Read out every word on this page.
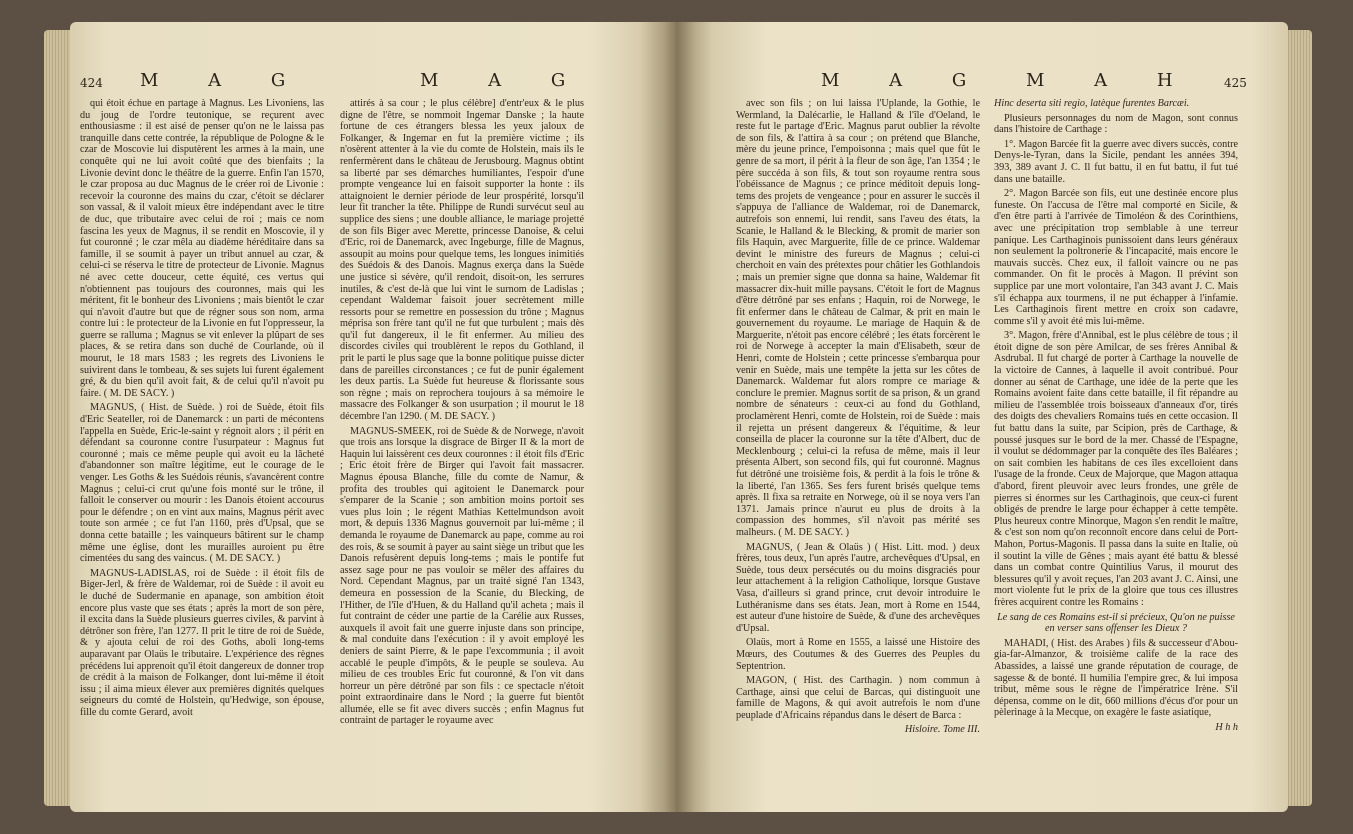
424 M A G	M A G

qui étoit échue en partage à Magnus. Les Livoniens, las du joug de l'ordre teutonique, se reçurent avec enthousiasme : il est aisé de penser qu'on ne le laissa pas tranquille dans cette contrée, la république de Pologne & le czar de Moscovie lui disputèrent les armes à la main, une conquête qui ne lui avoit coûté que des bienfaits ; la Livonie devint donc le théâtre de la guerre. Enfin l'an 1570, le czar proposa au duc Magnus de le créer roi de Livonie : recevoir la couronne des mains du czar, c'étoit se déclarer son vassal, & il valoit mieux être indépendant avec le titre de duc, que tributaire avec celui de roi ; mais ce nom fascina les yeux de Magnus, il se rendit en Moscovie, il y fut couronné ; le czar mêla au diadème héréditaire dans sa famille, il se soumit à payer un tribut annuel au czar, & celui-ci se réserva le titre de protecteur de Livonie. Magnus né avec cette douceur, cette équité, ces vertus qui n'obtiennent pas toujours des couronnes, mais qui les méritent, fit le bonheur des Livoniens ; mais bientôt le czar qui n'avoit d'autre but que de régner sous son nom, arma contre lui : le protecteur de la Livonie en fut l'oppresseur, la guerre se ralluma ; Magnus se vit enlever la plûpart de ses places, & se retira dans son duché de Courlande, où il mourut, le 18 mars 1583 ; les regrets des Livoniens le suivirent dans le tombeau, & ses sujets lui furent également gré, & du bien qu'il avoit fait, & de celui qu'il n'avoit pu faire. ( M. DE SACY. )

MAGNUS, ( Hist. de Suède. ) roi de Suède, étoit fils d'Eric Seateller, roi de Danemarck : un parti de mécontens l'appella en Suède, Eric-le-saint y régnoit alors ; il périt en défendant sa couronne contre l'usurpateur : Magnus fut couronné ; mais ce même peuple qui avoit eu la lâcheté d'abandonner son maître légitime, eut le courage de le venger. Les Goths & les Suédois réunis, s'avancèrent contre Magnus ; celui-ci crut qu'une fois monté sur le trône, il falloit le conserver ou mourir : les Danois étoient accourus pour le défendre ; on en vint aux mains, Magnus périt avec toute son armée ; ce fut l'an 1160, près d'Upsal, que se donna cette bataille ; les vainqueurs bâtirent sur le champ même une église, dont les murailles auroient pu être cimentées du sang des vaincus. ( M. DE SACY. )

MAGNUS-LADISLAS, roi de Suède : il étoit fils de Biger-Jerl, & frère de Waldemar, roi de Suède : il avoit eu le duché de Sudermanie en apanage, son ambition étoit encore plus vaste que ses états ; après la mort de son père, il excita dans la Suède plusieurs guerres civiles, & parvint à détrôner son frère, l'an 1277. Il prit le titre de roi de Suède, & y ajouta celui de roi des Goths, aboli long-tems auparavant par Olaüs le tributaire. L'expérience des règnes précédens lui apprenoit qu'il étoit dangereux de donner trop de crédit à la maison de Folkanger, dont lui-même il étoit issu ; il aima mieux élever aux premières dignités quelques seigneurs du comté de Holstein, qu'Hedwige, son épouse, fille du comte Gerard, avoit

attirés à sa cour ; le plus célèbre] d'entr'eux & le plus digne de l'être, se nommoit Ingemar Danske ; la haute fortune de ces étrangers blessa les yeux jaloux de Folkanger, & Ingemar en fut la première victime ; ils n'osèrent attenter à la vie du comte de Holstein, mais ils le renfermèrent dans le château de Jerusbourg. Magnus obtint sa liberté par ses démarches humiliantes, l'espoir d'une prompte vengeance lui en faisoit supporter la honte : ils attaignoient le dernier période de leur prospérité, lorsqu'il leur fit trancher la tête. Philippe de Rundi survécut seul au supplice des siens ; une double alliance, le mariage projetté de son fils Biger avec Merette, princesse Danoise, & celui d'Eric, roi de Danemarck, avec Ingeburge, fille de Magnus, assoupit au moins pour quelque tems, les longues inimitiés des Suédois & des Danois. Magnus exerça dans la Suède une justice si sévère, qu'il rendoit, disoit-on, les serrures inutiles, & c'est de-là que lui vint le surnom de Ladislas ; cependant Waldemar faisoit jouer secrètement mille ressorts pour se remettre en possession du trône ; Magnus méprisa son frère tant qu'il ne fut que turbulent ; mais dès qu'il fut dangereux, il le fit enfermer. Au milieu des discordes civiles qui troublèrent le repos du Gothland, il prit le parti le plus sage que la bonne politique puisse dicter dans de pareilles circonstances ; ce fut de punir également les deux partis. La Suède fut heureuse & florissante sous son règne ; mais on reprochera toujours à sa mémoire le massacre des Folkanger & son usurpation ; il mourut le 18 décembre l'an 1290. ( M. DE SACY. )

MAGNUS-SMEEK, roi de Suède & de Norwege, n'avoit que trois ans lorsque la disgrace de Birger II & la mort de Haquin lui laissèrent ces deux couronnes : il étoit fils d'Eric ; Eric étoit frère de Birger qui l'avoit fait massacrer. Magnus épousa Blanche, fille du comte de Namur, & profita des troubles qui agitoient le Danemarck pour s'emparer de la Scanie ; son ambition moins portoit ses vues plus loin ; le régent Mathias Kettelmundson avoit mort, & depuis 1336 Magnus gouvernoit par lui-même ; il demanda le royaume de Danemarck au pape, comme au roi des rois, & se soumit à payer au saint siège un tribut que les Danois refusèrent depuis long-tems ; mais le pontife fut assez sage pour ne pas vouloir se mêler des affaires du Nord. Cependant Magnus, par un traité signé l'an 1343, demeura en possession de la Scanie, du Blecking, de l'Hither, de l'île d'Huen, & du Halland qu'il acheta ; mais il fut contraint de céder une partie de la Carélie aux Russes, auxquels il avoit fait une guerre injuste dans son principe, & mal conduite dans l'exécution : il y avoit employé les deniers de saint Pierre, & le pape l'excommunia ; il avoit accablé le peuple d'impôts, & le peuple se souleva. Au milieu de ces troubles Eric fut couronné, & l'on vit dans horreur un père détrôné par son fils : ce spectacle n'étoit point extraordinaire dans le Nord ; la guerre fut bientôt allumée, elle se fit avec divers succès ; enfin Magnus fut contraint de partager le royaume avec

M A G M A H 425

avec son fils ; on lui laissa l'Uplande, la Gothie, le Wermland, la Dalécarlie, le Halland & l'île d'Oeland, le reste fut le partage d'Eric. Magnus parut oublier la révolte de son fils, & l'attira à sa cour ; on prétend que Blanche, mère du jeune prince, l'empoisonna ; mais quel que fût le genre de sa mort, il périt à la fleur de son âge, l'an 1354 ; le père succéda à son fils, & tout son royaume rentra sous l'obéissance de Magnus ; ce prince méditoit depuis long-tems des projets de vengeance ; pour en assurer le succès il s'appuya de l'alliance de Waldemar, roi de Danemarck, autrefois son ennemi, lui rendit, sans l'aveu des états, la Scanie, le Halland & le Blecking, & promit de marier son fils Haquin, avec Marguerite, fille de ce prince. Waldemar devint le ministre des fureurs de Magnus ; celui-ci cherchoit en vain des prétextes pour châtier les Gothlandois ; mais un premier signe que donna sa haine, Waldemar fit massacrer dix-huit mille paysans. C'étoit le fort de Magnus d'être détrôné par ses enfans ; Haquin, roi de Norwege, le fit enfermer dans le château de Calmar, & prit en main le gouvernement du royaume. Le mariage de Haquin & de Marguerite, n'étoit pas encore célébré ; les états forcèrent le roi de Norwege à accepter la main d'Elisabeth, sœur de Henri, comte de Holstein ; cette princesse s'embarqua pour venir en Suède, mais une tempête la jetta sur les côtes de Danemarck. Waldemar fut alors rompre ce mariage & conclure le premier. Magnus sortit de sa prison, & un grand nombre de sénateurs : ceux-ci au fond du Gothland, proclamèrent Henri, comte de Holstein, roi de Suède : mais il rejetta un présent dangereux & l'équitime, & leur conseilla de placer la couronne sur la tête d'Albert, duc de Mecklenbourg ; celui-ci la refusa de même, mais il leur présenta Albert, son second fils, qui fut couronné. Magnus fut détrôné une troisième fois, & perdit à la fois le trône & la liberté, l'an 1365. Ses fers furent brisés quelque tems après. Il fixa sa retraite en Norwege, où il se noya vers l'an 1371. Jamais prince n'aurut eu plus de droits à la compassion des hommes, s'il n'avoit pas mérité ses malheurs. ( M. DE SACY. )

MAGNUS, ( Jean & Olaüs ) ( Hist. Litt. mod. ) deux frères, tous deux, l'un après l'autre, archevêques d'Upsal, en Suède, tous deux persécutés ou du moins disgraciés pour leur attachement à la religion Catholique, lorsque Gustave Vasa, d'ailleurs si grand prince, crut devoir introduire le Luthéranisme dans ses états. Jean, mort à Rome en 1544, est auteur d'une histoire de Suède, & d'une des archevêques d'Upsal.

Olaüs, mort à Rome en 1555, a laissé une Histoire des Mœurs, des Coutumes & des Guerres des Peuples du Septentrion.

MAGON, ( Hist. des Carthagin. ) nom commun à Carthage, ainsi que celui de Barcas, qui distinguoit une famille de Magons, & qui avoit autrefois le nom d'une peuplade d'Africains répandus dans le désert de Barca :

Hisloire. Tome III.

Hinc deserta siti regio, latèque furentes Barcæi.

Plusieurs personnages du nom de Magon, sont connus dans l'histoire de Carthage :

1°. Magon Barcée fit la guerre avec divers succès, contre Denys-le-Tyran, dans la Sicile, pendant les années 394, 393, 389 avant J. C. Il fut battu, il en fut battu, il fut tué dans une bataille.

2°. Magon Barcée son fils, eut une destinée encore plus funeste. On l'accusa de l'être mal comporté en Sicile, & d'en être parti à l'arrivée de Timoléon & des Corinthiens, avec une précipitation trop semblable à une terreur panique. Les Carthaginois punissoient dans leurs généraux non seulement la poltronerie & l'incapacité, mais encore le mauvais succès. Chez eux, il falloit vaincre ou ne pas commander. On fit le procès à Magon. Il prévint son supplice par une mort volontaire, l'an 343 avant J. C. Mais s'il échappa aux tourmens, il ne put échapper à l'infamie. Les Carthaginois firent mettre en croix son cadavre, comme s'il y avoit été mis lui-même.

3°. Magon, frère d'Annibal, est le plus célèbre de tous ; il étoit digne de son père Amilcar, de ses frères Annibal & Asdrubal. Il fut chargé de porter à Carthage la nouvelle de la victoire de Cannes, à laquelle il avoit contribué. Pour donner au sénat de Carthage, une idée de la perte que les Romains avoient faite dans cette bataille, il fit répandre au milieu de l'assemblée trois boisseaux d'anneaux d'or, tirés des doigts des chevaliers Romains tués en cette occasion. Il fut battu dans la suite, par Scipion, près de Carthage, & poussé jusques sur le bord de la mer. Chassé de l'Espagne, il voulut se dédommager par la conquête des îles Baléares ; on sait combien les habitans de ces îles excelloient dans l'usage de la fronde. Ceux de Majorque, que Magon attaqua d'abord, firent pleuvoir avec leurs frondes, une grêle de pierres si énormes sur les Carthaginois, que ceux-ci furent obligés de prendre le large pour échapper à cette tempête. Plus heureux contre Minorque, Magon s'en rendit le maître, & c'est son nom qu'on reconnoît encore dans celui de Port-Mahon, Portus-Magonis. Il passa dans la suite en Italie, où il soutint la ville de Gênes ; mais ayant été battu & blessé dans un combat contre Quintilius Varus, il mourut des blessures qu'il y avoit reçues, l'an 203 avant J. C. Ainsi, une mort violente fut le prix de la gloire que tous ces illustres frères acquirent contre les Romains :

Le sang de ces Romains est-il si précieux, Qu'on ne puisse en verser sans offenser les Dieux ?

MAHADI, ( Hist. des Arabes ) fils & successeur d'Abou-gia-far-Almanzor, & troisième calife de la race des Abassides, a laissé une grande réputation de courage, de sagesse & de bonté. Il humilia l'empire grec, & lui imposa tribut, même sous le règne de l'impératrice Irène. S'il dépensa, comme on le dit, 660 millions d'écus d'or pour un pèlerinage à la Mecque, on exagère le faste asiatique,

H h h
